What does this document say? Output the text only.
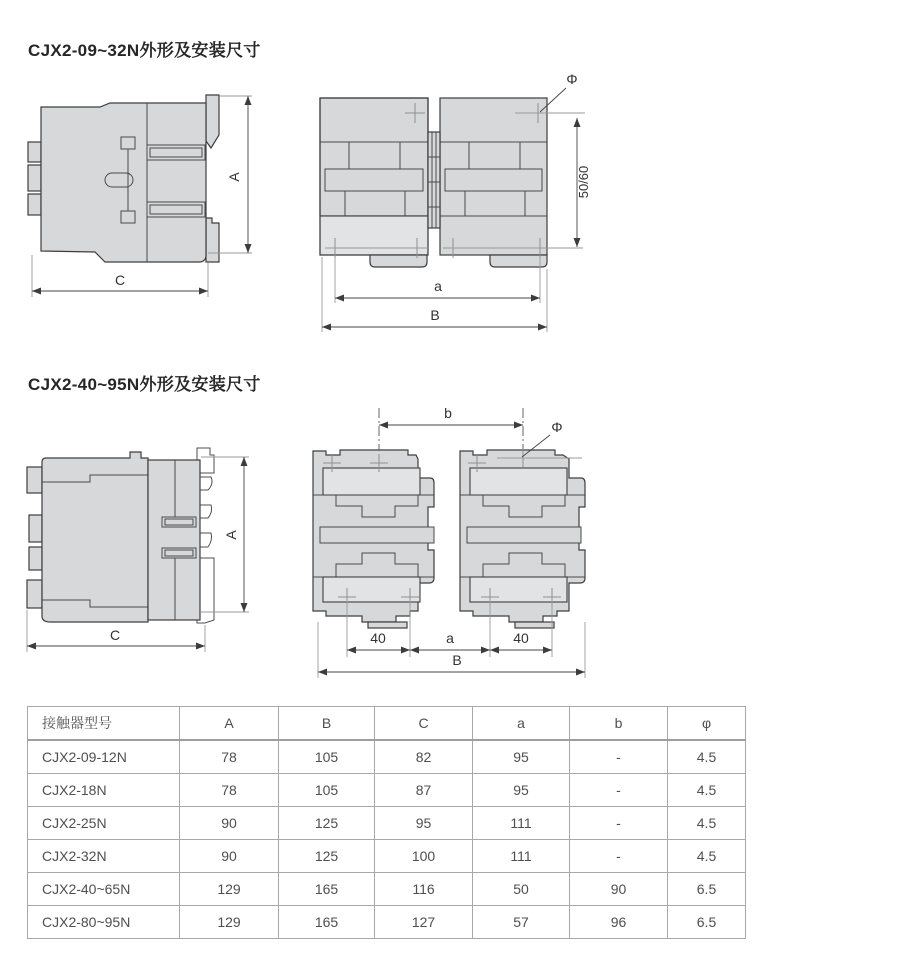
CJX2-09~32N外形及安装尺寸
A
C
Φ
50/60
a
B
CJX2-40~95N外形及安装尺寸
A
C
b
Φ
40	a	40
B
接触器型号	A	B	C	a	b	φ
CJX2-09-12N	78	105	82	95	-	4.5
CJX2-18N	78	105	87	95	-	4.5
CJX2-25N	90	125	95	111	-	4.5
CJX2-32N	90	125	100	111	-	4.5
CJX2-40~65N	129	165	116	50	90	6.5
CJX2-80~95N	129	165	127	57	96	6.5
